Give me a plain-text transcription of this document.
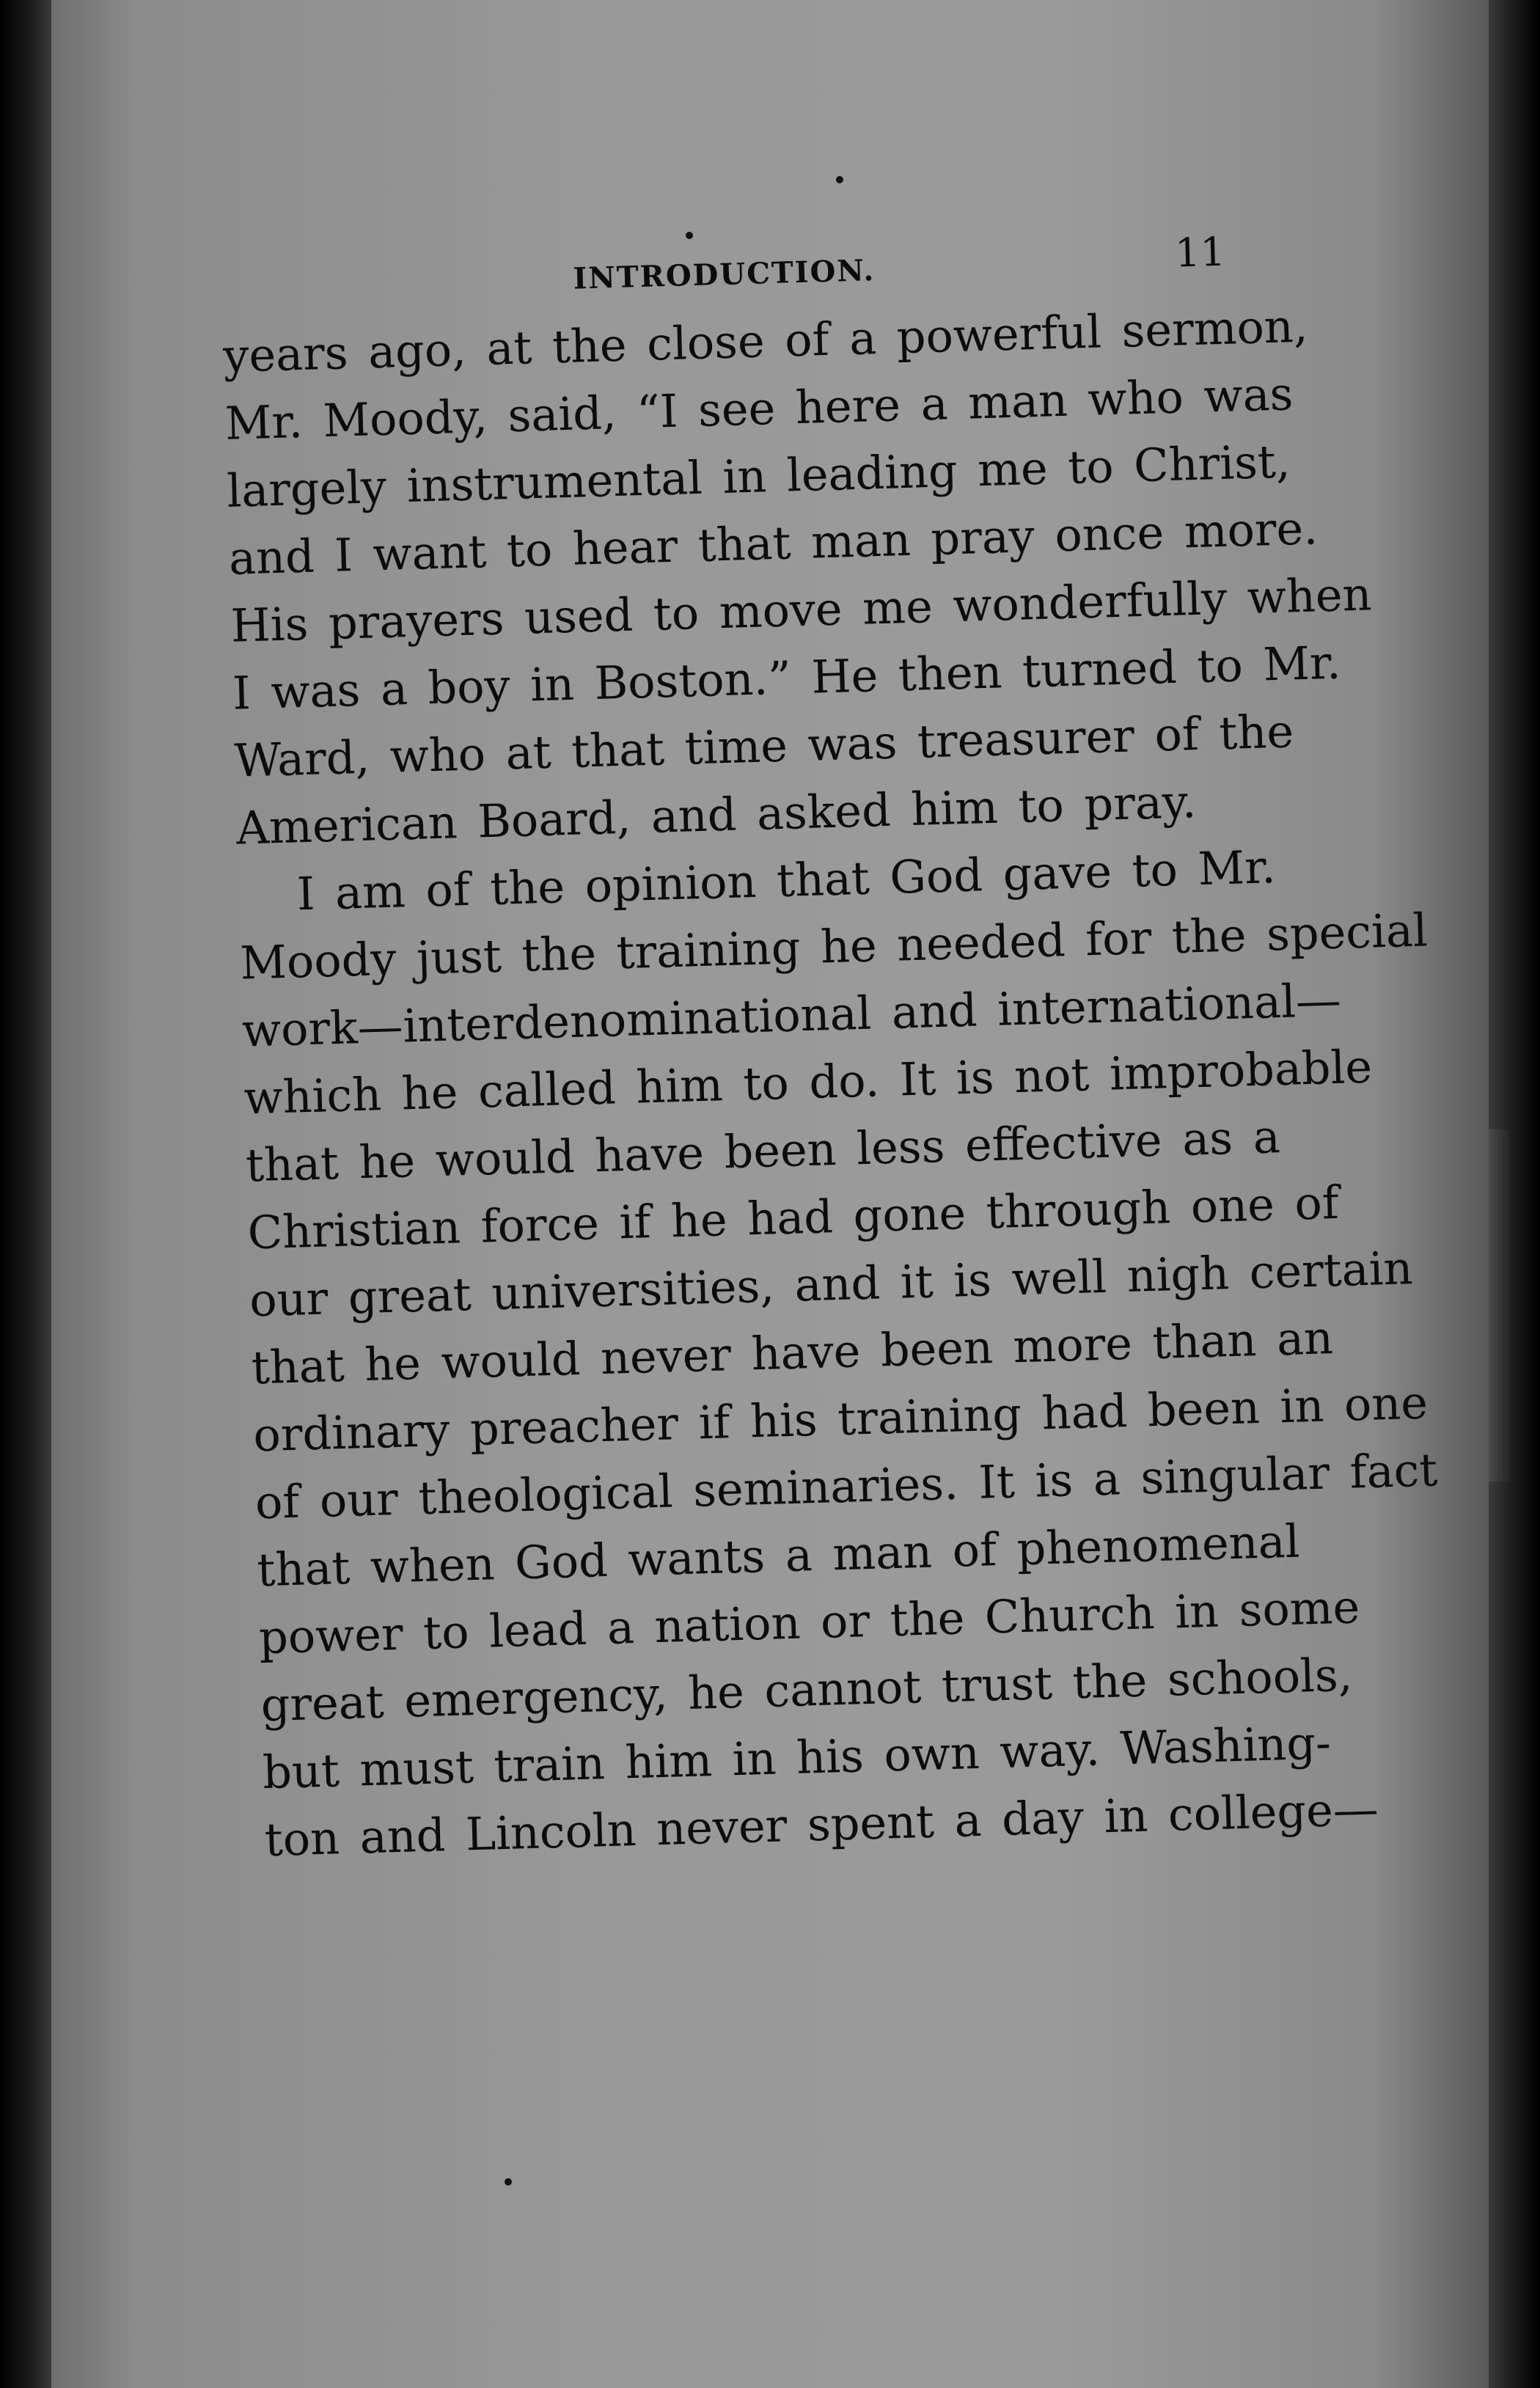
INTRODUCTION.	11
years ago, at the close of a powerful sermon,
Mr. Moody, said, “I see here a man who was
largely instrumental in leading me to Christ,
and I want to hear that man pray once more.
His prayers used to move me wonderfully when
I was a boy in Boston.” He then turned to Mr.
Ward, who at that time was treasurer of the
American Board, and asked him to pray.
I am of the opinion that God gave to Mr.
Moody just the training he needed for the special
work—interdenominational and international—
which he called him to do. It is not improbable
that he would have been less effective as a
Christian force if he had gone through one of
our great universities, and it is well nigh certain
that he would never have been more than an
ordinary preacher if his training had been in one
of our theological seminaries. It is a singular fact
that when God wants a man of phenomenal
power to lead a nation or the Church in some
great emergency, he cannot trust the schools,
but must train him in his own way. Washing-
ton and Lincoln never spent a day in college—
